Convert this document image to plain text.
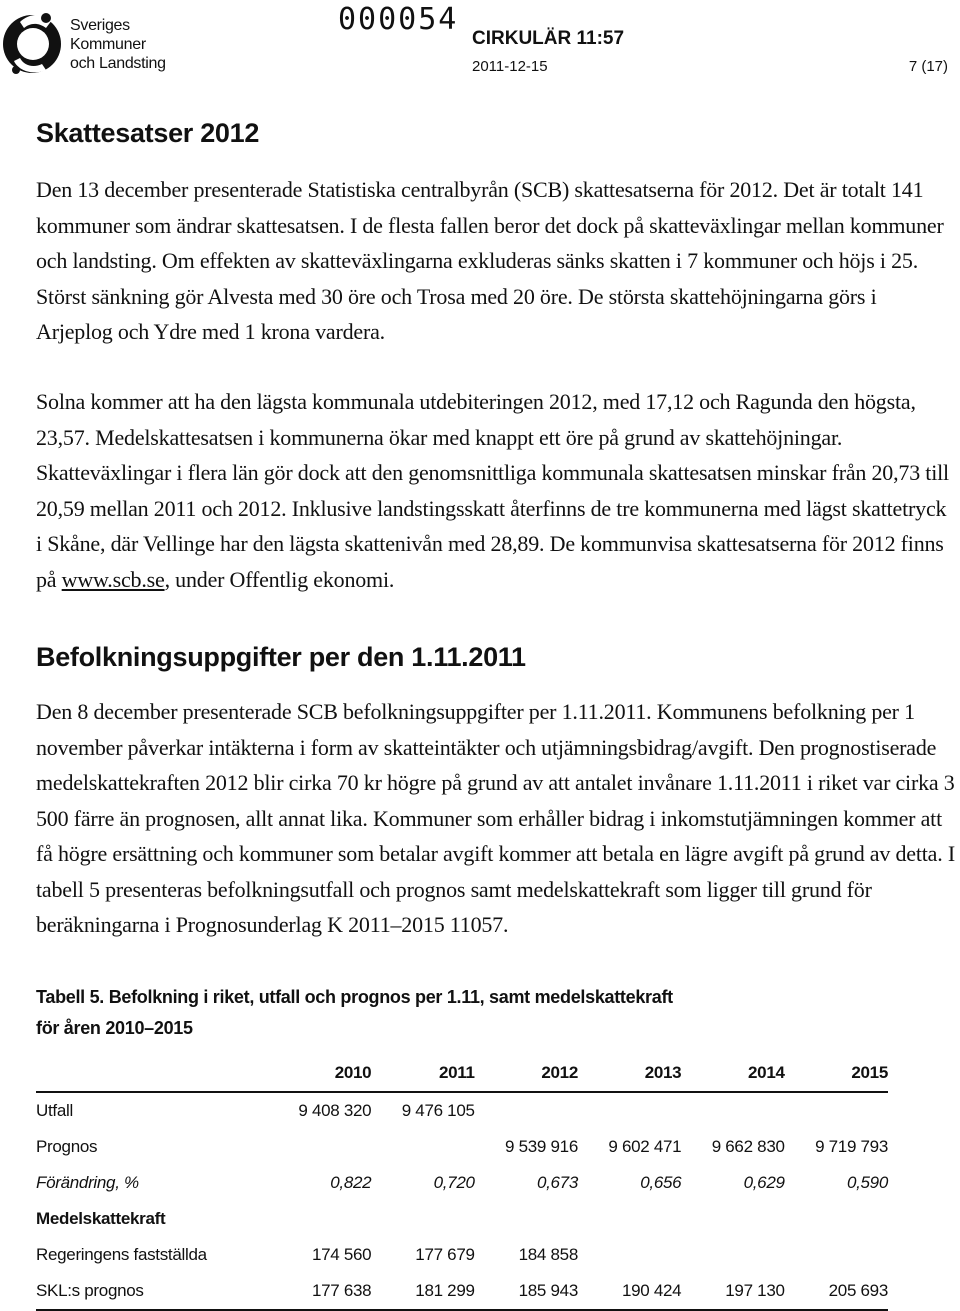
Sveriges
Kommuner
och Landsting
000054
CIRKULÄR 11:57
2011-12-15	7 (17)
Skattesatser 2012

Den 13 december presenterade Statistiska centralbyrån (SCB) skattesatserna för 2012. Det är totalt 141 kommuner som ändrar skattesatsen. I de flesta fallen beror det dock på skatteväxlingar mellan kommuner och landsting. Om effekten av skatteväxlingarna exkluderas sänks skatten i 7 kommuner och höjs i 25. Störst sänkning gör Alvesta med 30 öre och Trosa med 20 öre. De största skattehöjningarna görs i Arjeplog och Ydre med 1 krona vardera.

Solna kommer att ha den lägsta kommunala utdebiteringen 2012, med 17,12 och Ragunda den högsta, 23,57. Medelskattesatsen i kommunerna ökar med knappt ett öre på grund av skattehöjningar. Skatteväxlingar i flera län gör dock att den genomsnittliga kommunala skattesatsen minskar från 20,73 till 20,59 mellan 2011 och 2012. Inklusive landstingsskatt återfinns de tre kommunerna med lägst skattetryck i Skåne, där Vellinge har den lägsta skattenivån med 28,89. De kommunvisa skattesatserna för 2012 finns på www.scb.se, under Offentlig ekonomi.

Befolkningsuppgifter per den 1.11.2011

Den 8 december presenterade SCB befolkningsuppgifter per 1.11.2011. Kommunens befolkning per 1 november påverkar intäkterna i form av skatteintäkter och utjämningsbidrag/avgift. Den prognostiserade medelskattekraften 2012 blir cirka 70 kr högre på grund av att antalet invånare 1.11.2011 i riket var cirka 3 500 färre än prognosen, allt annat lika. Kommuner som erhåller bidrag i inkomstutjämningen kommer att få högre ersättning och kommuner som betalar avgift kommer att betala en lägre avgift på grund av detta. I tabell 5 presenteras befolkningsutfall och prognos samt medelskattekraft som ligger till grund för beräkningarna i Prognosunderlag K 2011–2015 11057.

Tabell 5. Befolkning i riket, utfall och prognos per 1.11, samt medelskattekraft
för åren 2010–2015
	2010	2011	2012	2013	2014	2015
Utfall	9 408 320	9 476 105				
Prognos			9 539 916	9 602 471	9 662 830	9 719 793
Förändring, %	0,822	0,720	0,673	0,656	0,629	0,590
Medelskattekraft						
Regeringens fastställda	174 560	177 679	184 858			
SKL:s prognos	177 638	181 299	185 943	190 424	197 130	205 693
